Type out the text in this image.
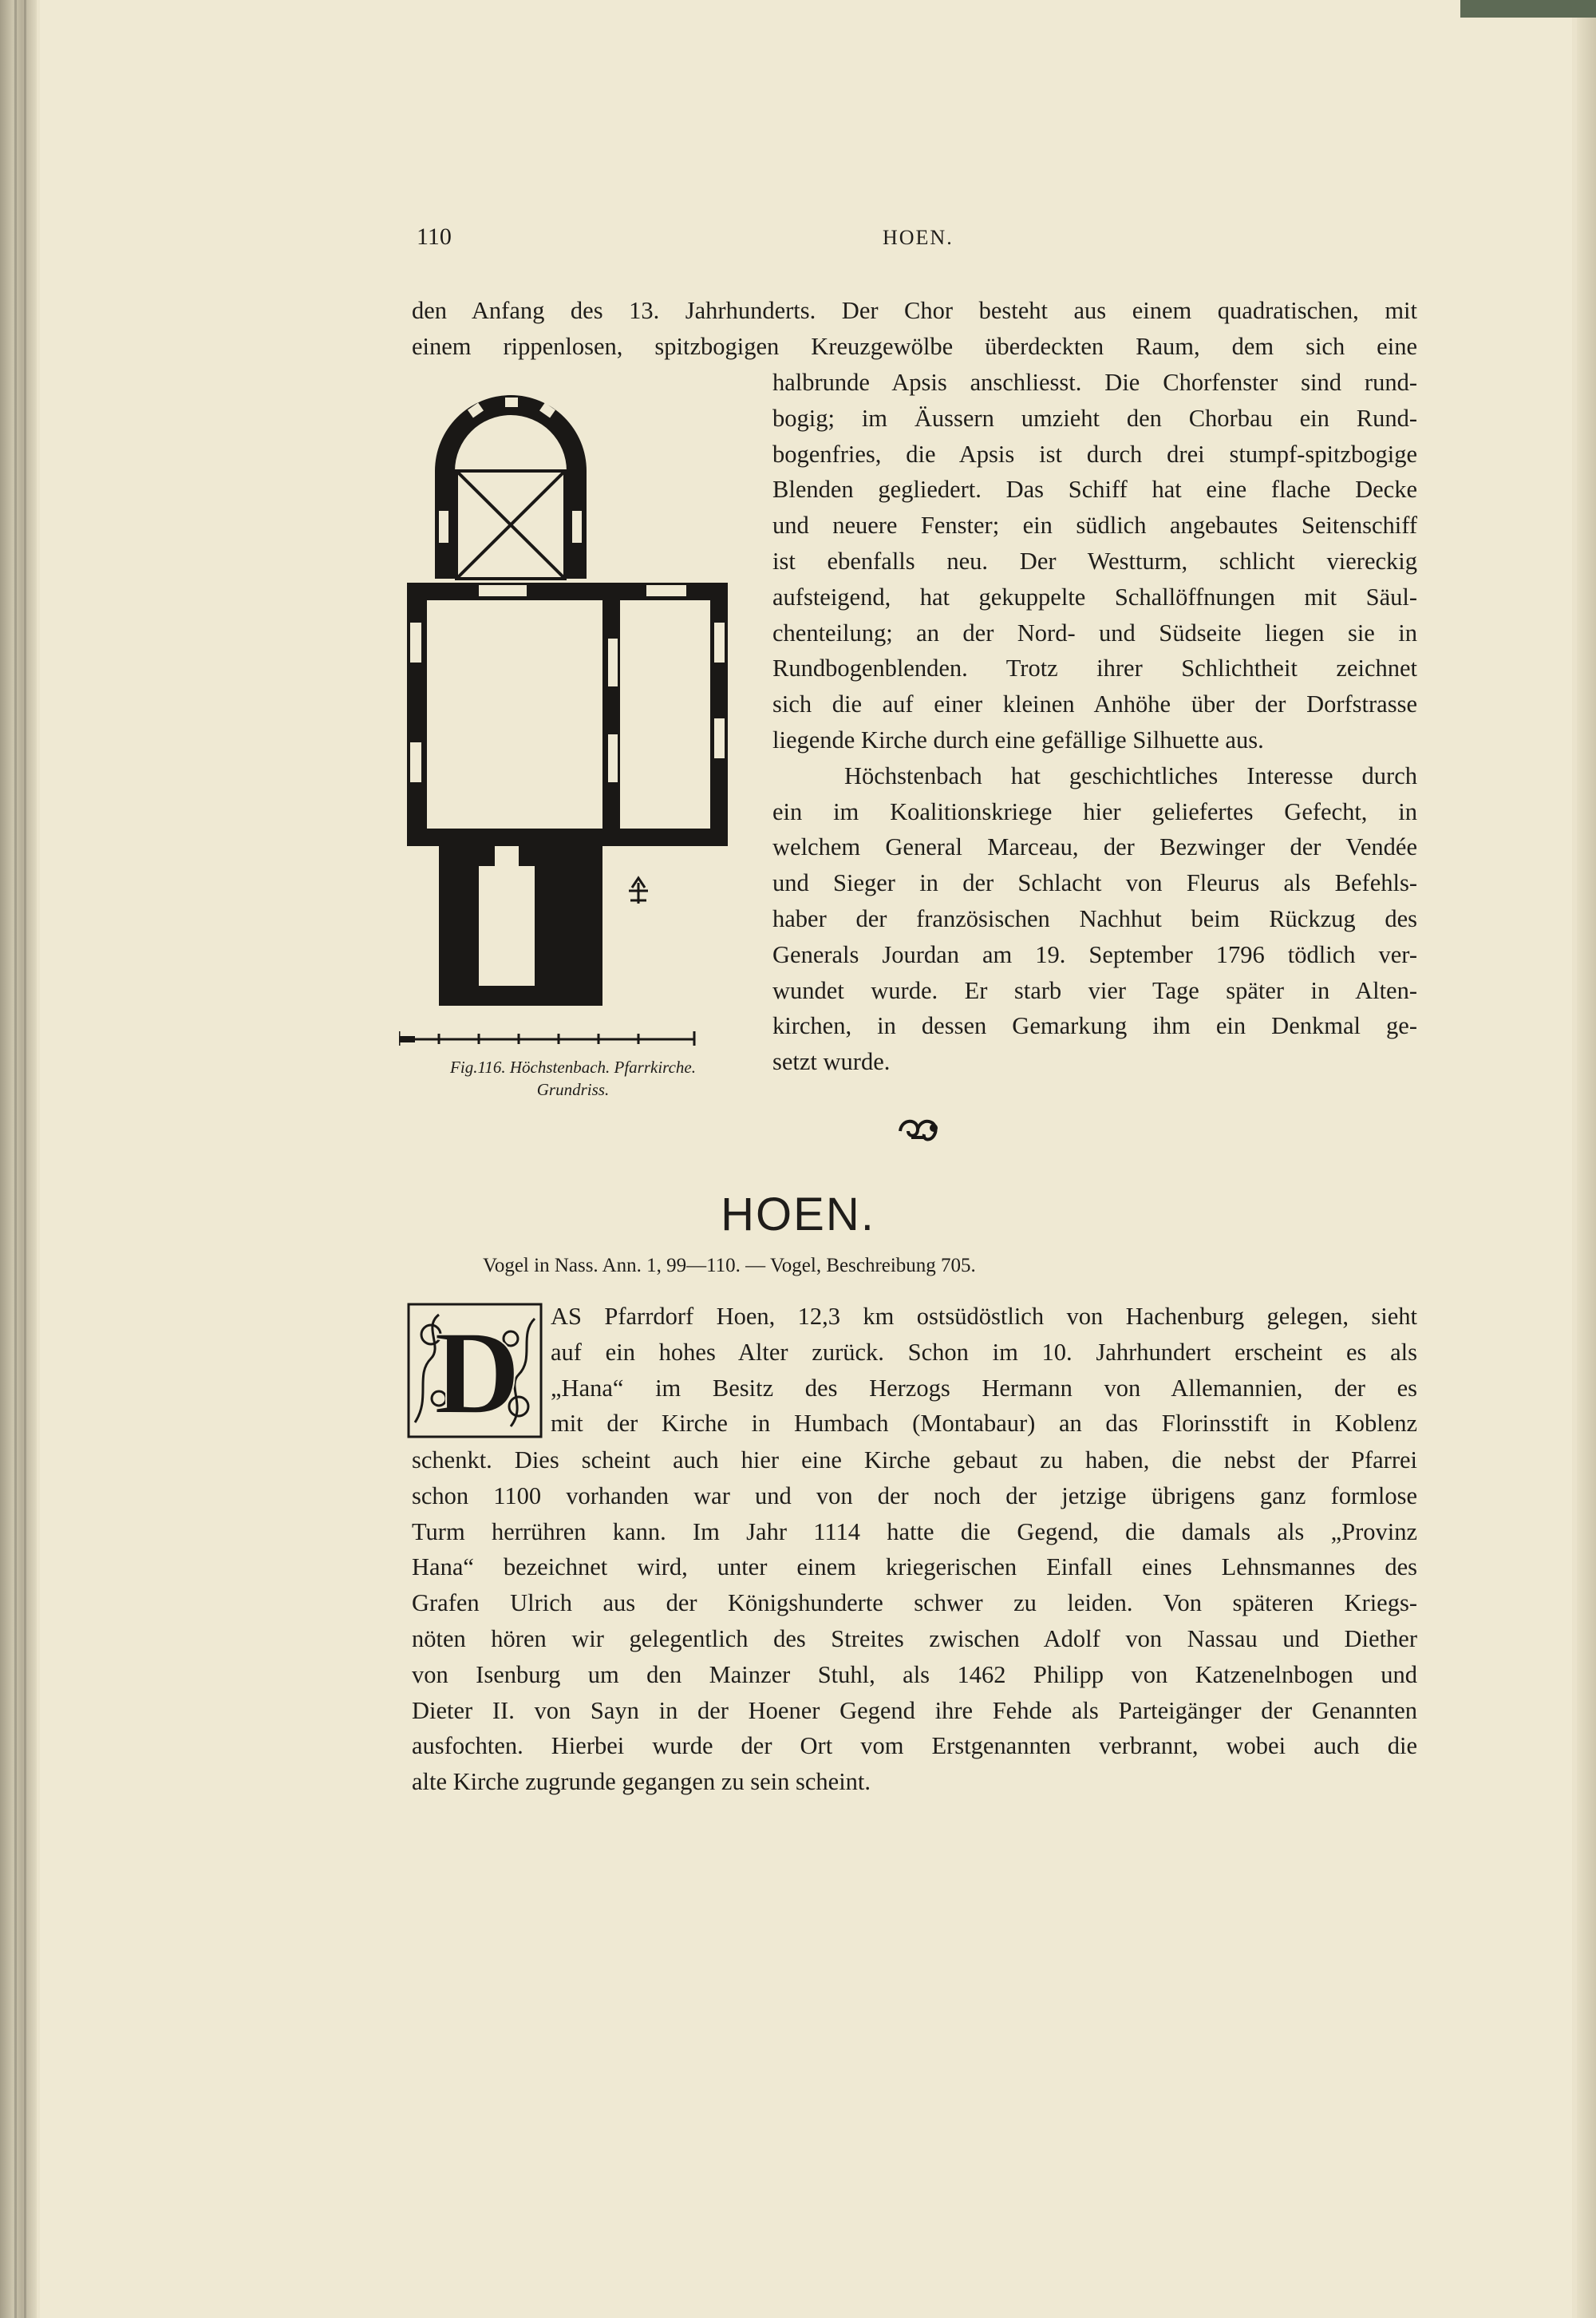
110	HOEN.
den Anfang des 13. Jahrhunderts. Der Chor besteht aus einem quadratischen, mit
einem rippenlosen, spitzbogigen Kreuzgewölbe überdeckten Raum, dem sich eine
halbrunde Apsis anschliesst. Die Chorfenster sind rund-
bogig; im Äussern umzieht den Chorbau ein Rund-
bogenfries, die Apsis ist durch drei stumpf-spitzbogige
Blenden gegliedert. Das Schiff hat eine flache Decke
und neuere Fenster; ein südlich angebautes Seitenschiff
ist ebenfalls neu. Der Westturm, schlicht viereckig
aufsteigend, hat gekuppelte Schallöffnungen mit Säul-
chenteilung; an der Nord- und Südseite liegen sie in
Rundbogenblenden. Trotz ihrer Schlichtheit zeichnet
sich die auf einer kleinen Anhöhe über der Dorfstrasse
liegende Kirche durch eine gefällige Silhuette aus.
Höchstenbach hat geschichtliches Interesse durch
ein im Koalitionskriege hier geliefertes Gefecht, in
welchem General Marceau, der Bezwinger der Vendée
und Sieger in der Schlacht von Fleurus als Befehls-
haber der französischen Nachhut beim Rückzug des
Generals Jourdan am 19. September 1796 tödlich ver-
wundet wurde. Er starb vier Tage später in Alten-
kirchen, in dessen Gemarkung ihm ein Denkmal ge-
setzt wurde.
Fig.116. Höchstenbach. Pfarrkirche.
Grundriss.
HOEN.
Vogel in Nass. Ann. 1, 99—110. — Vogel, Beschreibung 705.
D AS Pfarrdorf Hoen, 12,3 km ostsüdöstlich von Hachenburg gelegen, sieht
auf ein hohes Alter zurück. Schon im 10. Jahrhundert erscheint es als
„Hana“ im Besitz des Herzogs Hermann von Allemannien, der es
mit der Kirche in Humbach (Montabaur) an das Florinsstift in Koblenz
schenkt. Dies scheint auch hier eine Kirche gebaut zu haben, die nebst der Pfarrei
schon 1100 vorhanden war und von der noch der jetzige übrigens ganz formlose
Turm herrühren kann. Im Jahr 1114 hatte die Gegend, die damals als „Provinz
Hana“ bezeichnet wird, unter einem kriegerischen Einfall eines Lehnsmannes des
Grafen Ulrich aus der Königshunderte schwer zu leiden. Von späteren Kriegs-
nöten hören wir gelegentlich des Streites zwischen Adolf von Nassau und Diether
von Isenburg um den Mainzer Stuhl, als 1462 Philipp von Katzenelnbogen und
Dieter II. von Sayn in der Hoener Gegend ihre Fehde als Parteigänger der Genannten
ausfochten. Hierbei wurde der Ort vom Erstgenannten verbrannt, wobei auch die
alte Kirche zugrunde gegangen zu sein scheint.
